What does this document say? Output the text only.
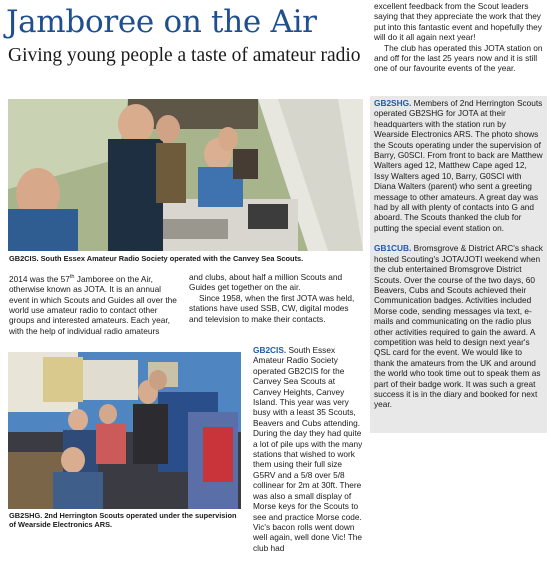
Jamboree on the Air
Giving young people a taste of amateur radio

excellent feedback from the Scout leaders saying that they appreciate the work that they put into this fantastic event and hopefully they will do it all again next year!

The club has operated this JOTA station on and off for the last 25 years now and it is still one of our favourite events of the year.

GB2SHG. Members of 2nd Herrington Scouts operated GB2SHG for JOTA at their headquarters with the station run by Wearside Electronics ARS. The photo shows the Scouts operating under the supervision of Barry, G0SCI. From front to back are Matthew Walters aged 12, Matthew Cape aged 12, Issy Walters aged 10, Barry, G0SCI with Diana Walters (parent) who sent a greeting message to other amateurs. A great day was had by all with plenty of contacts into G and aboard. The Scouts thanked the club for putting the special event station on.

GB1CUB. Bromsgrove & District ARC's shack hosted Scouting's JOTA/JOTI weekend when the club entertained Bromsgrove District Scouts. Over the course of the two days, 60 Beavers, Cubs and Scouts achieved their Communication badges. Activities included Morse code, sending messages via text, e-mails and communicating on the radio plus other activities required to gain the award. A competition was held to design next year's QSL card for the event. We would like to thank the amateurs from the UK and around the world who took time out to speak them as part of their badge work. It was such a great success it is in the diary and booked for next year.

GB2CIS. South Essex Amateur Radio Society operated with the Canvey Sea Scouts.

2014 was the 57th Jamboree on the Air, otherwise known as JOTA. It is an annual event in which Scouts and Guides all over the world use amateur radio to contact other groups and interested amateurs. Each year, with the help of individual radio amateurs

and clubs, about half a million Scouts and Guides get together on the air.

Since 1958, when the first JOTA was held, stations have used SSB, CW, digital modes and television to make their contacts.

GB2SHG. 2nd Herrington Scouts operated under the supervision of Wearside Electronics ARS.

GB2CIS. South Essex Amateur Radio Society operated GB2CIS for the Canvey Sea Scouts at Canvey Heights, Canvey Island. This year was very busy with a least 35 Scouts, Beavers and Cubs attending. During the day they had quite a lot of pile ups with the many stations that wished to work them using their full size G5RV and a 5/8 over 5/8 collinear for 2m at 30ft. There was also a small display of Morse keys for the Scouts to see and practice Morse code. Vic's bacon rolls went down well again, well done Vic! The club had
